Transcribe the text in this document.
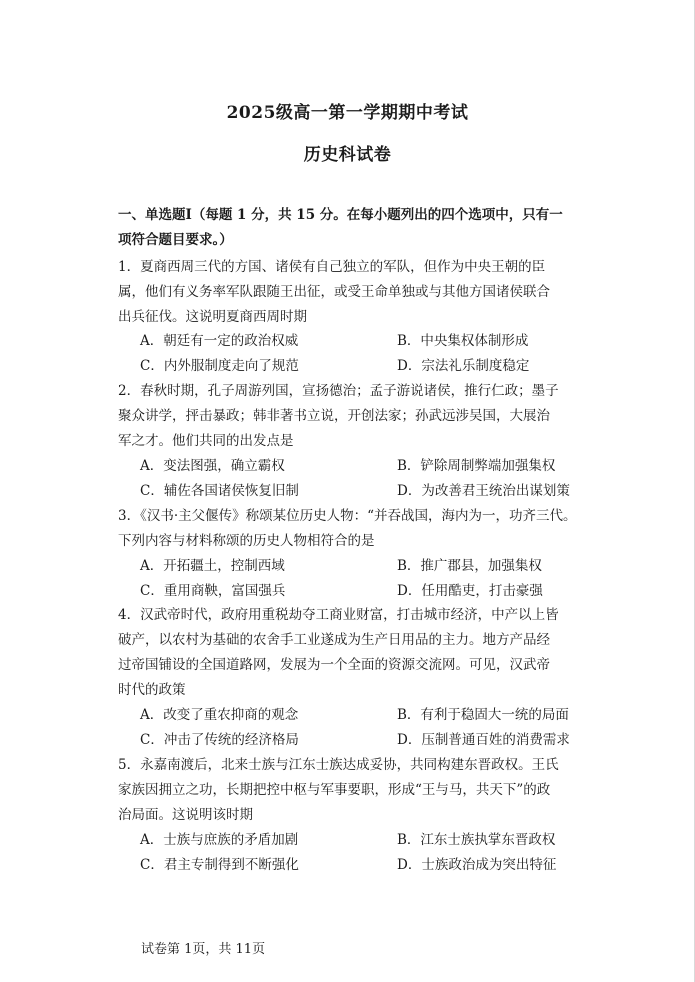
2025级高一第一学期期中考试
历史科试卷
一、单选题Ⅰ（每题 1 分，共 15 分。在每小题列出的四个选项中，只有一
项符合题目要求。）
1．夏商西周三代的方国、诸侯有自己独立的军队，但作为中央王朝的臣
属，他们有义务率军队跟随王出征，或受王命单独或与其他方国诸侯联合
出兵征伐。这说明夏商西周时期
A．朝廷有一定的政治权威	B．中央集权体制形成
C．内外服制度走向了规范	D．宗法礼乐制度稳定
2．春秋时期，孔子周游列国，宣扬德治；孟子游说诸侯，推行仁政；墨子
聚众讲学，抨击暴政；韩非著书立说，开创法家；孙武远涉吴国，大展治
军之才。他们共同的出发点是
A．变法图强，确立霸权	B．铲除周制弊端加强集权
C．辅佐各国诸侯恢复旧制	D．为改善君王统治出谋划策
3．《汉书·主父偃传》称颂某位历史人物：“并吞战国，海内为一，功齐三代。
下列内容与材料称颂的历史人物相符合的是
A．开拓疆土，控制西域	B．推广郡县，加强集权
C．重用商鞅，富国强兵	D．任用酷吏，打击豪强
4．汉武帝时代，政府用重税劫夺工商业财富，打击城市经济，中产以上皆
破产，以农村为基础的农舍手工业遂成为生产日用品的主力。地方产品经
过帝国铺设的全国道路网，发展为一个全面的资源交流网。可见，汉武帝
时代的政策
A．改变了重农抑商的观念	B．有利于稳固大一统的局面
C．冲击了传统的经济格局	D．压制普通百姓的消费需求
5．永嘉南渡后，北来士族与江东士族达成妥协，共同构建东晋政权。王氏
家族因拥立之功，长期把控中枢与军事要职，形成“王与马，共天下”的政
治局面。这说明该时期
A．士族与庶族的矛盾加剧	B．江东士族执掌东晋政权
C．君主专制得到不断强化	D．士族政治成为突出特征
试卷第 1页，共 11页
